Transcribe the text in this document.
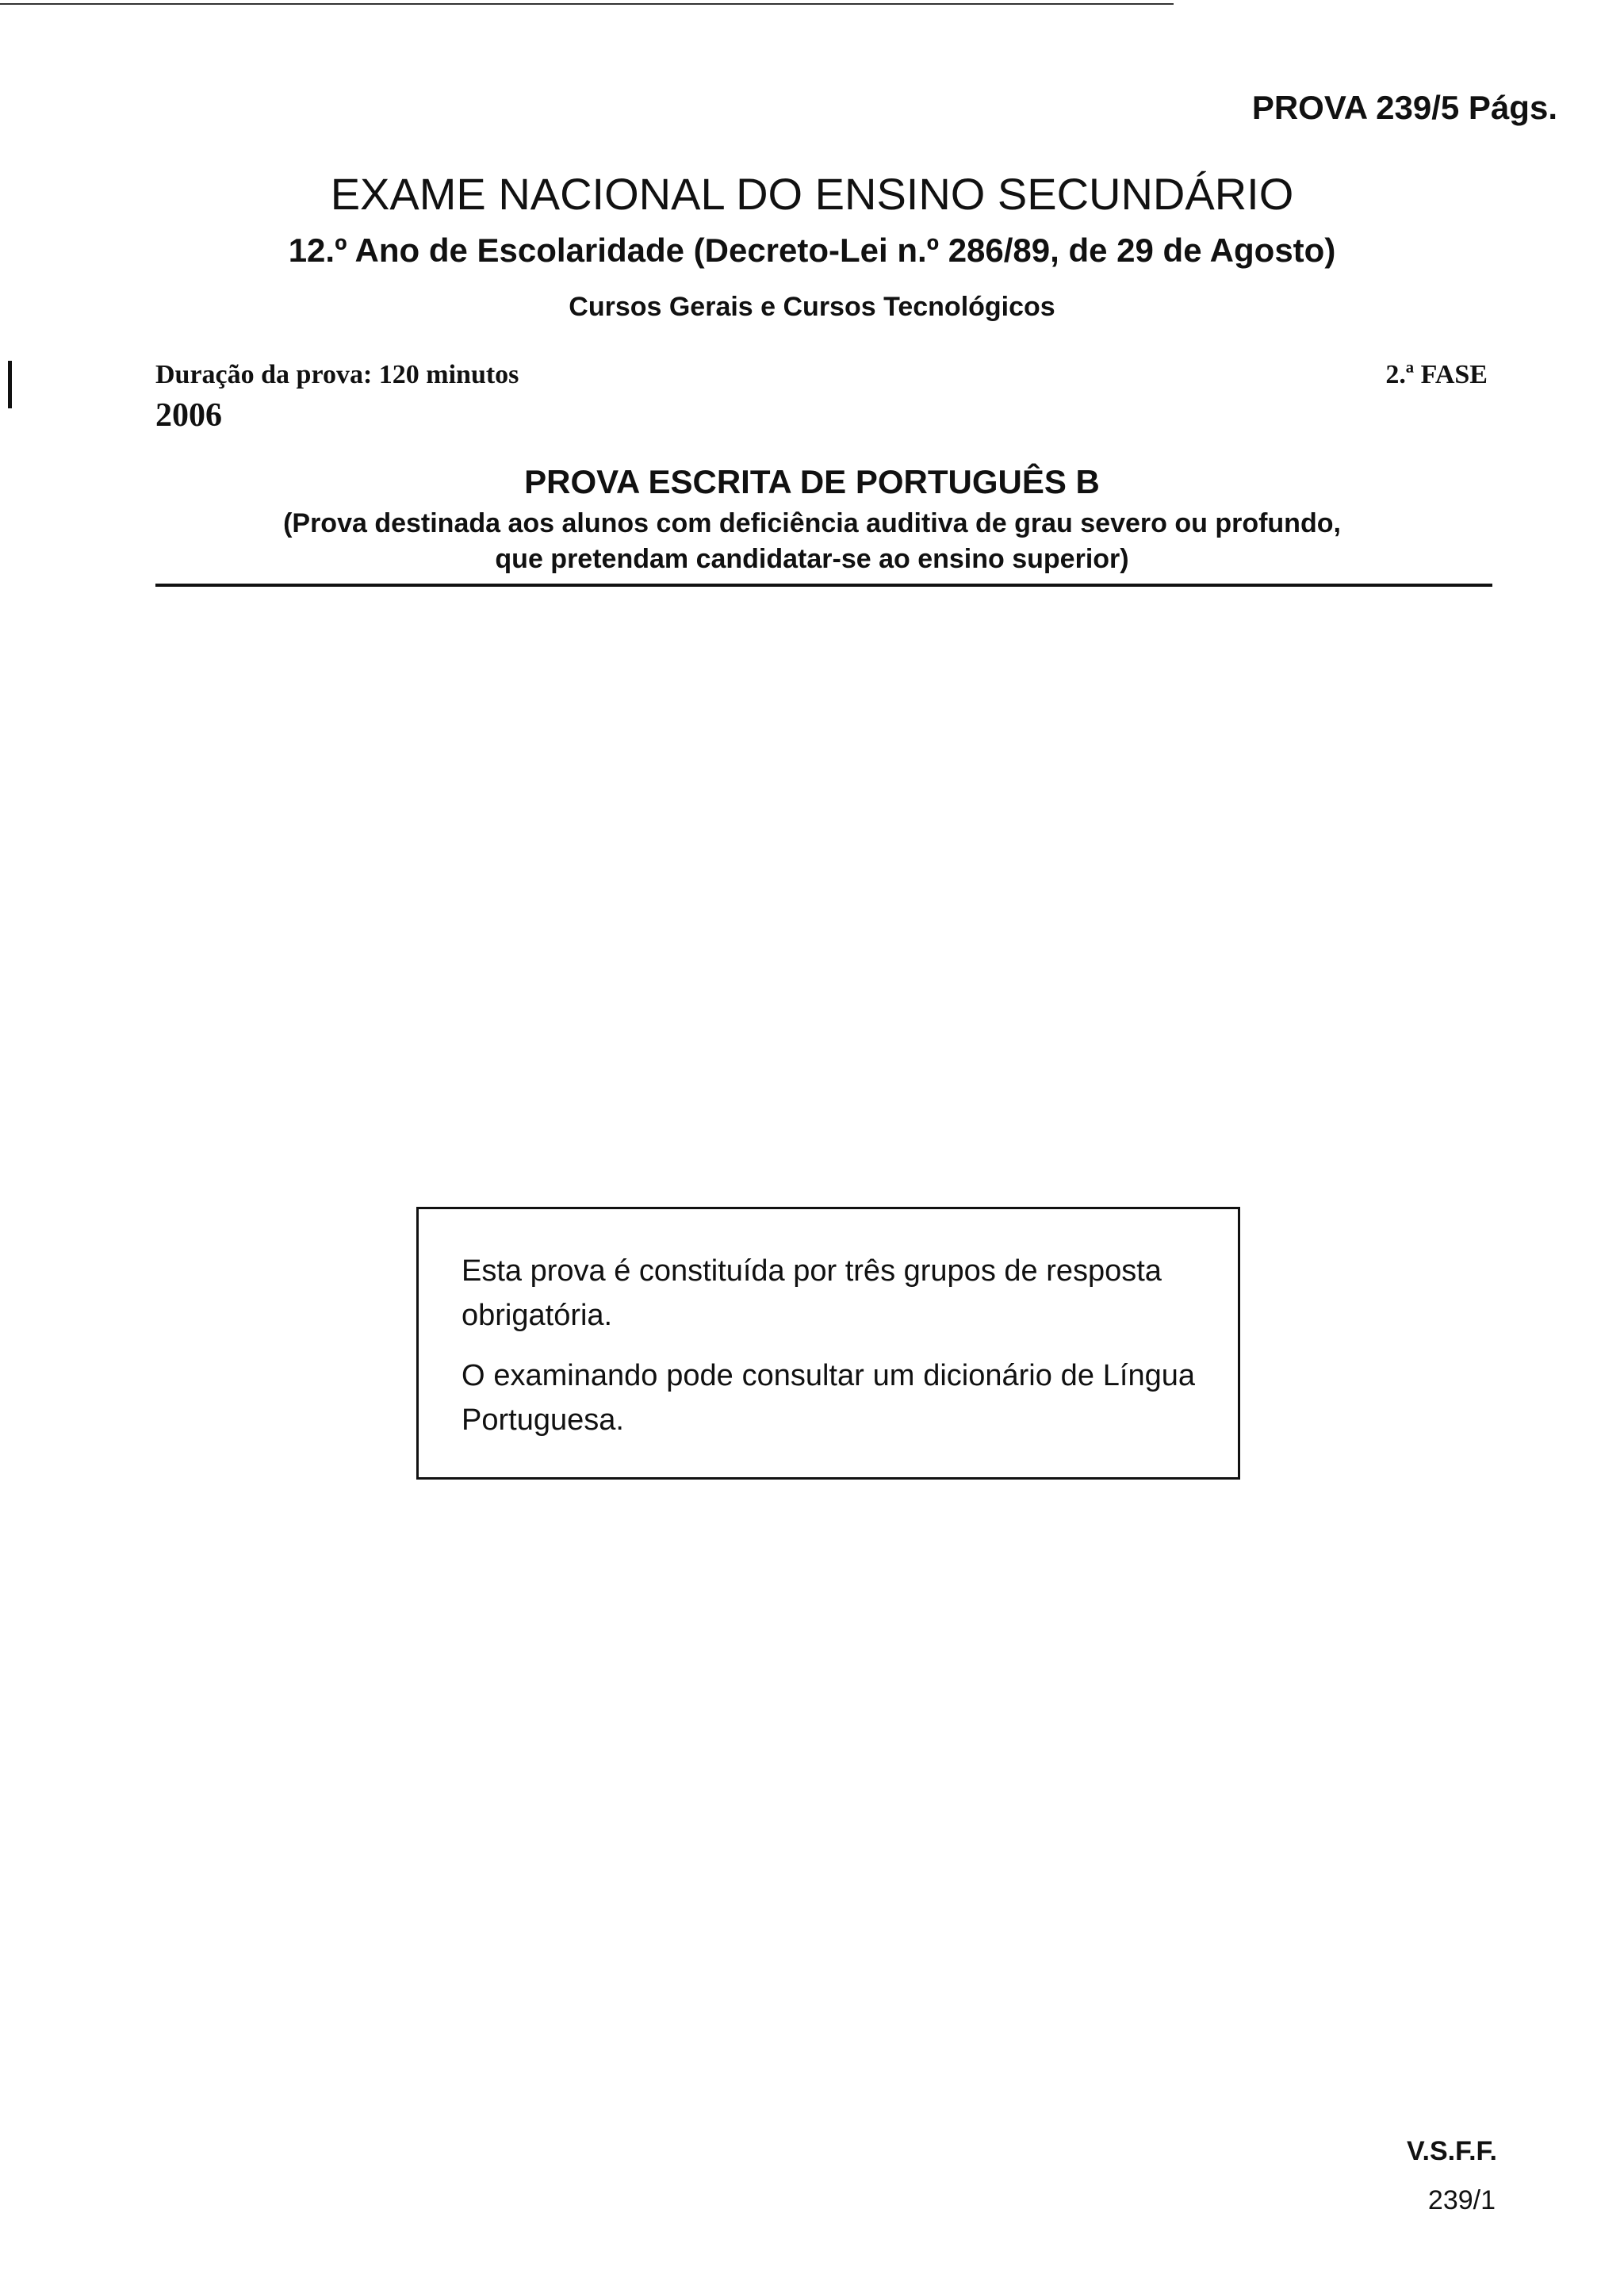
PROVA 239/5 Págs.
EXAME NACIONAL DO ENSINO SECUNDÁRIO
12.º Ano de Escolaridade (Decreto-Lei n.º 286/89, de 29 de Agosto)
Cursos Gerais e Cursos Tecnológicos
Duração da prova: 120 minutos
2006
2.ª FASE
PROVA ESCRITA DE PORTUGUÊS B
(Prova destinada aos alunos com deficiência auditiva de grau severo ou profundo,
que pretendam candidatar-se ao ensino superior)

Esta prova é constituída por três grupos de resposta obrigatória.

O examinando pode consultar um dicionário de Língua Portuguesa.

V.S.F.F.
239/1
